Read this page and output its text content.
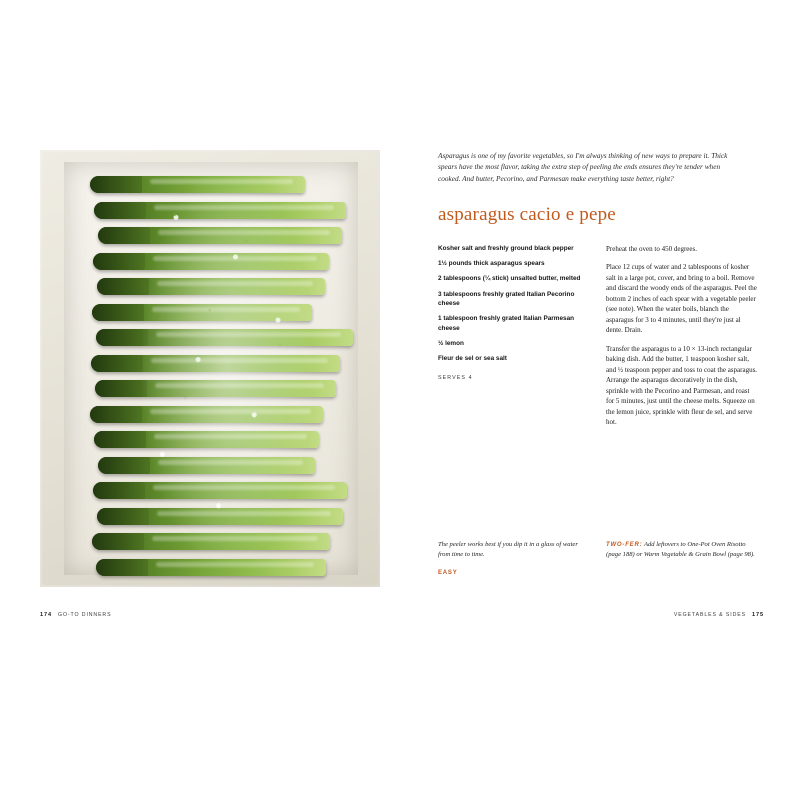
Asparagus is one of my favorite vegetables, so I'm always thinking of new ways to prepare it. Thick spears have the most flavor, taking the extra step of peeling the ends ensures they're tender when cooked. And butter, Pecorino, and Parmesan make everything taste better, right?
asparagus cacio e pepe
Kosher salt and freshly ground black pepper
1½ pounds thick asparagus spears
2 tablespoons (¼ stick) unsalted butter, melted
3 tablespoons freshly grated Italian Pecorino cheese
1 tablespoon freshly grated Italian Parmesan cheese
½ lemon
Fleur de sel or sea salt
SERVES 4

Preheat the oven to 450 degrees.

Place 12 cups of water and 2 tablespoons of kosher salt in a large pot, cover, and bring to a boil. Remove and discard the woody ends of the asparagus. Peel the bottom 2 inches of each spear with a vegetable peeler (see note). When the water boils, blanch the asparagus for 3 to 4 minutes, until they're just al dente. Drain.

Transfer the asparagus to a 10 × 13-inch rectangular baking dish. Add the butter, 1 teaspoon kosher salt, and ½ teaspoon pepper and toss to coat the asparagus. Arrange the asparagus decoratively in the dish, sprinkle with the Pecorino and Parmesan, and roast for 5 minutes, just until the cheese melts. Squeeze on the lemon juice, sprinkle with fleur de sel, and serve hot.

The peeler works best if you dip it in a glass of water from time to time.
EASY
TWO-FER: Add leftovers to One-Pot Oven Risotto (page 188) or Warm Vegetable & Grain Bowl (page 98).
174 GO-TO DINNERS	VEGETABLES & SIDES 175
